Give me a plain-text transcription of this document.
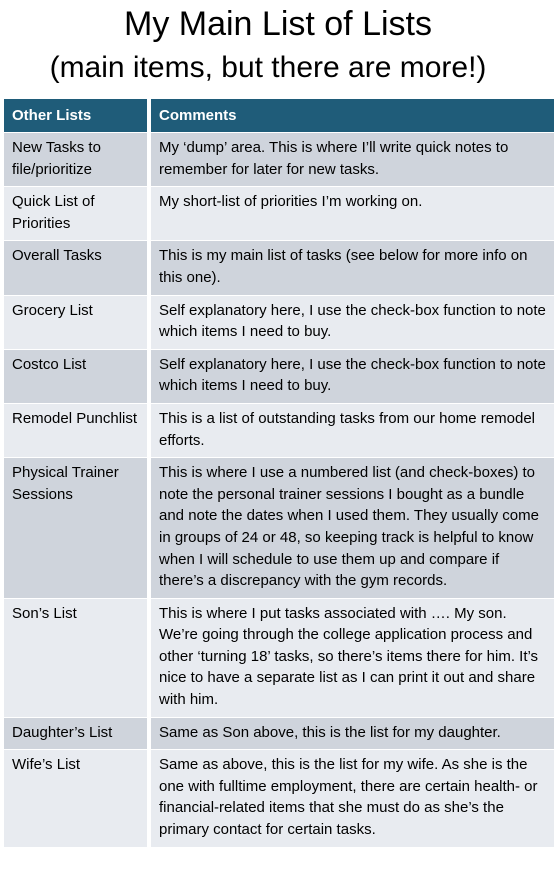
My Main List of Lists
(main items, but there are more!)
Other Lists	Comments
New Tasks to file/prioritize	My ‘dump’ area. This is where I’ll write quick notes to remember for later for new tasks.
Quick List of Priorities	My short-list of priorities I’m working on.
Overall Tasks	This is my main list of tasks (see below for more info on this one).
Grocery List	Self explanatory here, I use the check-box function to note which items I need to buy.
Costco List	Self explanatory here, I use the check-box function to note which items I need to buy.
Remodel Punchlist	This is a list of outstanding tasks from our home remodel efforts.
Physical Trainer Sessions	This is where I use a numbered list (and check-boxes) to note the personal trainer sessions I bought as a bundle and note the dates when I used them. They usually come in groups of 24 or 48, so keeping track is helpful to know when I will schedule to use them up and compare if there’s a discrepancy with the gym records.
Son’s List	This is where I put tasks associated with …. My son. We’re going through the college application process and other ‘turning 18’ tasks, so there’s items there for him. It’s nice to have a separate list as I can print it out and share with him.
Daughter’s List	Same as Son above, this is the list for my daughter.
Wife’s List	Same as above, this is the list for my wife. As she is the one with fulltime employment, there are certain health- or financial-related items that she must do as she’s the primary contact for certain tasks.
